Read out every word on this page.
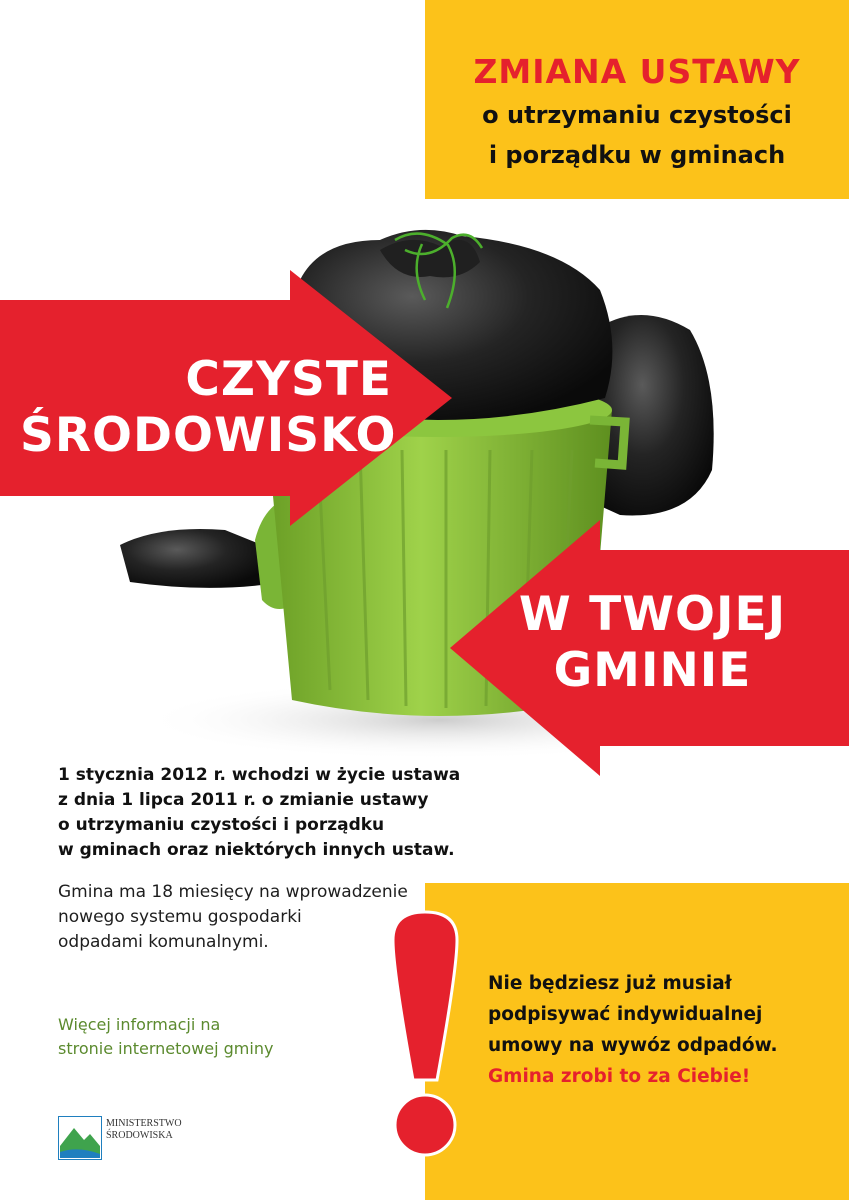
ZMIANA USTAWY
o utrzymaniu czystości
i porządku w gminach
CZYSTE
ŚRODOWISKO
W TWOJEJ
GMINIE
1 stycznia 2012 r. wchodzi w życie ustawa
z dnia 1 lipca 2011 r. o zmianie ustawy
o utrzymaniu czystości i porządku
w gminach oraz niektórych innych ustaw.
Gmina ma 18 miesięcy na wprowadzenie
nowego systemu gospodarki
odpadami komunalnymi.
Więcej informacji na
stronie internetowej gminy
Nie będziesz już musiał
podpisywać indywidualnej
umowy na wywóz odpadów.
Gmina zrobi to za Ciebie!
MINISTERSTWO
ŚRODOWISKA
